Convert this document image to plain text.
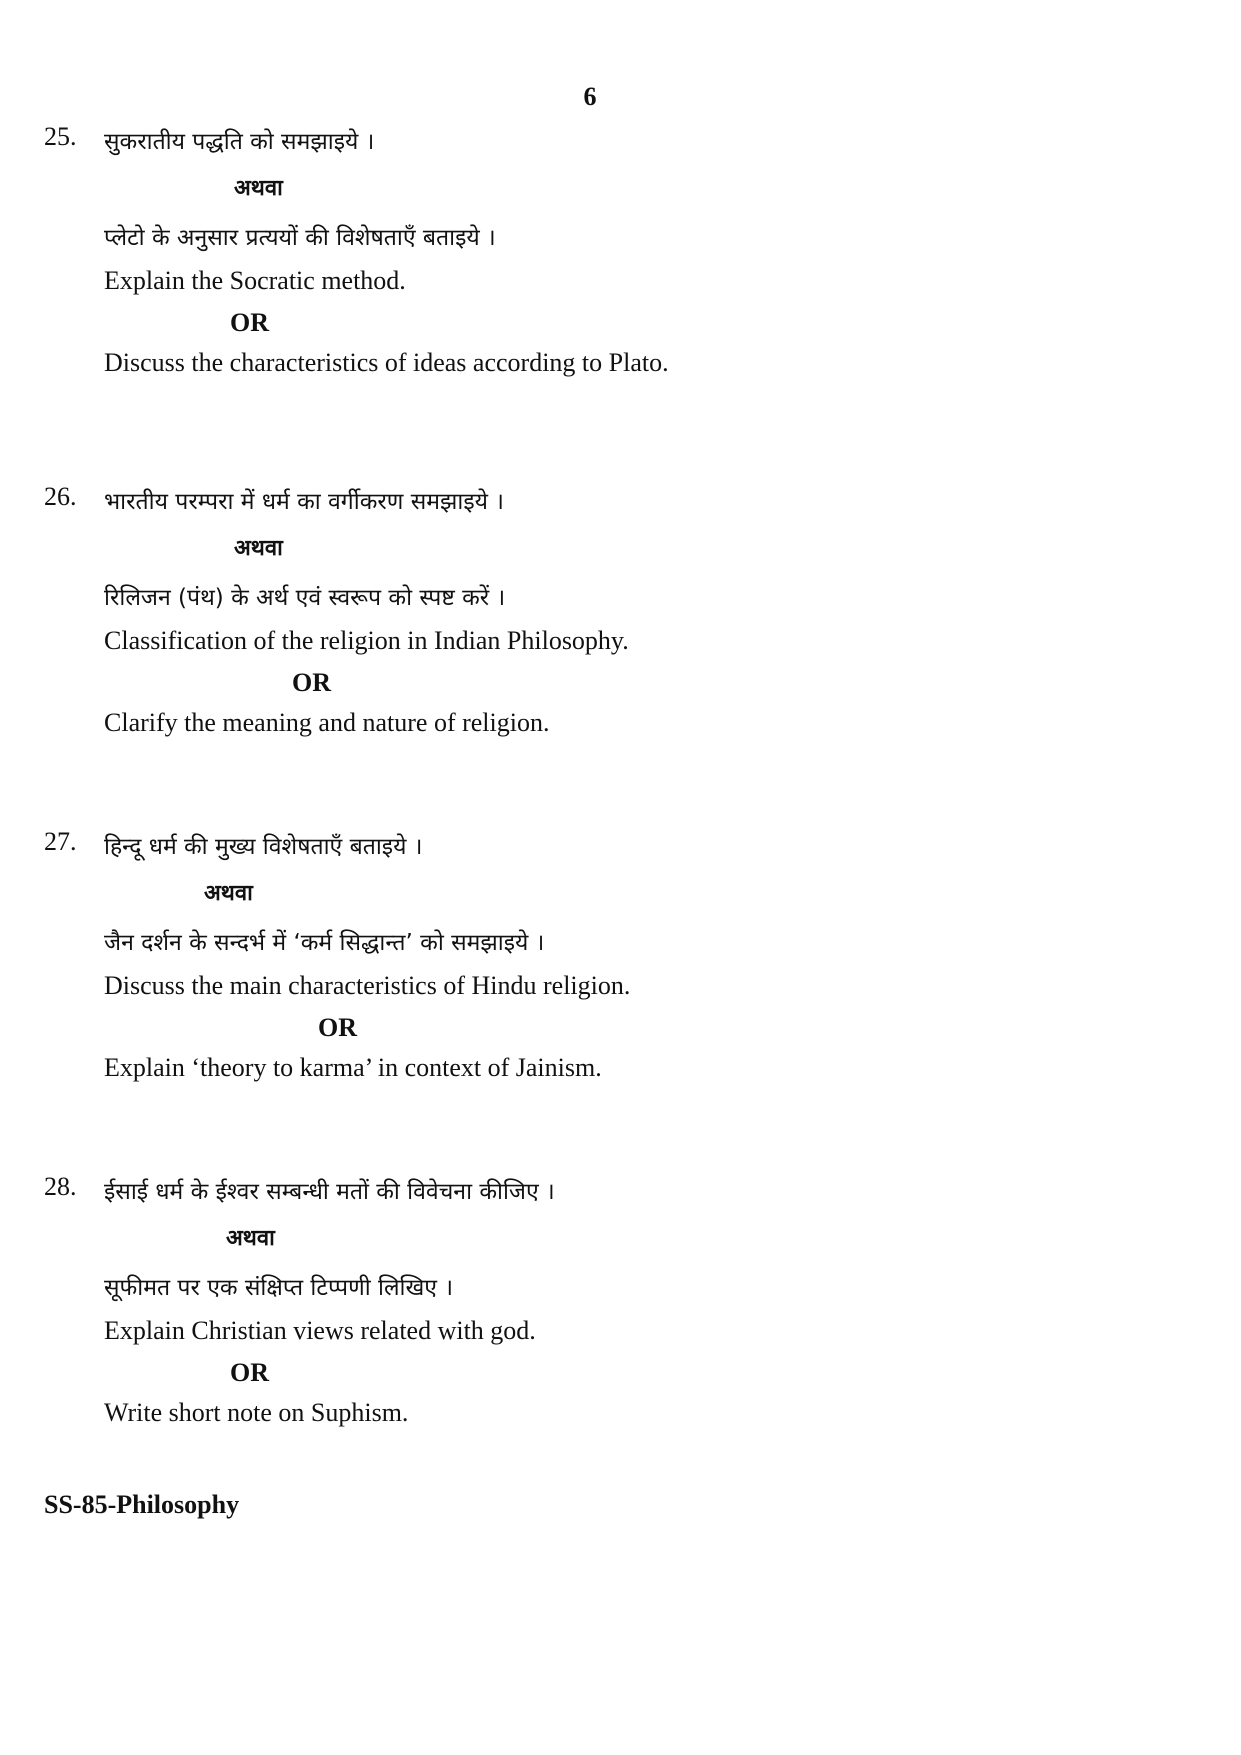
6
25. सुकरातीय पद्धति को समझाइये ।
अथवा
प्लेटो के अनुसार प्रत्ययों की विशेषताएँ बताइये ।
Explain the Socratic method.
OR
Discuss the characteristics of ideas according to Plato.
26. भारतीय परम्परा में धर्म का वर्गीकरण समझाइये ।
अथवा
रिलिजन (पंथ) के अर्थ एवं स्वरूप को स्पष्ट करें ।
Classification of the religion in Indian Philosophy.
OR
Clarify the meaning and nature of religion.
27. हिन्दू धर्म की मुख्य विशेषताएँ बताइये ।
अथवा
जैन दर्शन के सन्दर्भ में ‘कर्म सिद्धान्त’ को समझाइये ।
Discuss the main characteristics of Hindu religion.
OR
Explain ‘theory to karma’ in context of Jainism.
28. ईसाई धर्म के ईश्वर सम्बन्धी मतों की विवेचना कीजिए ।
अथवा
सूफीमत पर एक संक्षिप्त टिप्पणी लिखिए ।
Explain Christian views related with god.
OR
Write short note on Suphism.
SS-85-Philosophy
